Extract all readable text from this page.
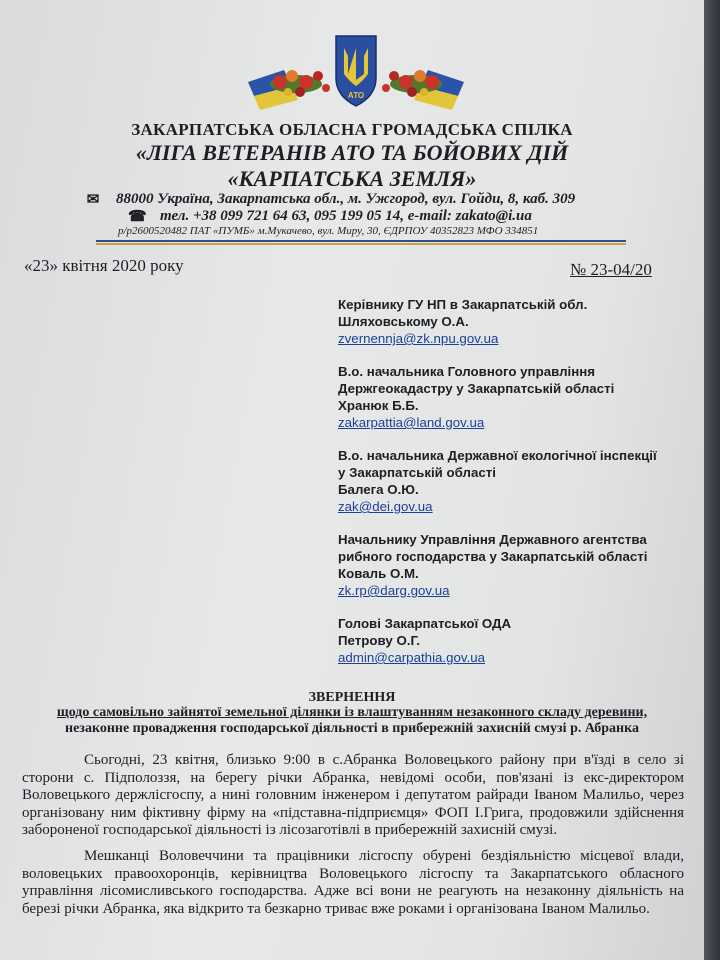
АТО
ЗАКАРПАТСЬКА ОБЛАСНА ГРОМАДСЬКА СПІЛКА
«ЛІГА ВЕТЕРАНІВ АТО ТА БОЙОВИХ ДІЙ
«КАРПАТСЬКА ЗЕМЛЯ»
✉ 88000 Україна, Закарпатська обл., м. Ужгород, вул. Гойди, 8, каб. 309
☎ тел. +38 099 721 64 63, 095 199 05 14, e-mail: zakato@i.ua
р/р2600520482 ПАТ «ПУМБ» м.Мукачево, вул. Миру, 30, ЄДРПОУ 40352823 МФО 334851
«23» квітня 2020 року	№ 23-04/20
Керівнику ГУ НП в Закарпатській обл.
Шляховському О.А.
zvernennja@zk.npu.gov.ua
В.о. начальника Головного управління
Держгеокадастру у Закарпатській області
Хранюк Б.Б.
zakarpattia@land.gov.ua
В.о. начальника Державної екологічної інспекції
у Закарпатській області
Балега О.Ю.
zak@dei.gov.ua
Начальнику Управління Державного агентства
рибного господарства у Закарпатській області
Коваль О.М.
zk.rp@darg.gov.ua
Голові Закарпатської ОДА
Петрову О.Г.
admin@carpathia.gov.ua
ЗВЕРНЕННЯ
щодо самовільно зайнятої земельної ділянки із влаштуванням незаконного складу деревини,
незаконне провадження господарської діяльності в прибережній захисній смузі р. Абранка

Сьогодні, 23 квітня, близько 9:00 в с.Абранка Воловецького району при в'їзді в село зі сторони с. Підполоззя, на берегу річки Абранка, невідомі особи, пов'язані із екс-директором Воловецького держлісгоспу, а нині головним інженером і депутатом райради Іваном Малильо, через організовану ним фіктивну фірму на «підставна-підприємця» ФОП І.Грига, продовжили здійснення забороненої господарської діяльності із лісозаготівлі в прибережній захисній смузі.

Мешканці Воловеччини та працівники лісгоспу обурені бездіяльністю місцевої влади, воловецьких правоохоронців, керівництва Воловецького лісгоспу та Закарпатського обласного управління лісомисливського господарства. Адже всі вони не реагують на незаконну діяльність на березі річки Абранка, яка відкрито та безкарно триває вже роками і організована Іваном Малильо.
